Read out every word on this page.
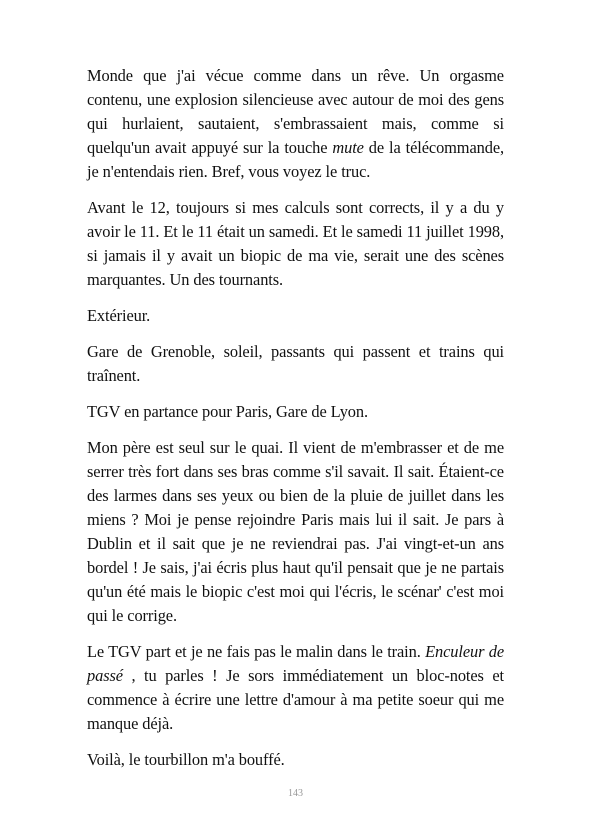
Monde que j'ai vécue comme dans un rêve. Un orgasme contenu, une explosion silencieuse avec autour de moi des gens qui hurlaient, sautaient, s'embrassaient mais, comme si quelqu'un avait appuyé sur la touche mute de la télécommande, je n'entendais rien. Bref, vous voyez le truc.

Avant le 12, toujours si mes calculs sont corrects, il y a du y avoir le 11. Et le 11 était un samedi. Et le samedi 11 juillet 1998, si jamais il y avait un biopic de ma vie, serait une des scènes marquantes. Un des tournants.

Extérieur.

Gare de Grenoble, soleil, passants qui passent et trains qui traînent.

TGV en partance pour Paris, Gare de Lyon.

Mon père est seul sur le quai. Il vient de m'embrasser et de me serrer très fort dans ses bras comme s'il savait. Il sait. Étaient-ce des larmes dans ses yeux ou bien de la pluie de juillet dans les miens ? Moi je pense rejoindre Paris mais lui il sait. Je pars à Dublin et il sait que je ne reviendrai pas. J'ai vingt-et-un ans bordel ! Je sais, j'ai écris plus haut qu'il pensait que je ne partais qu'un été mais le biopic c'est moi qui l'écris, le scénar' c'est moi qui le corrige.

Le TGV part et je ne fais pas le malin dans le train. Enculeur de passé , tu parles ! Je sors immédiatement un bloc-notes et commence à écrire une lettre d'amour à ma petite soeur qui me manque déjà.

Voilà, le tourbillon m'a bouffé.

143
